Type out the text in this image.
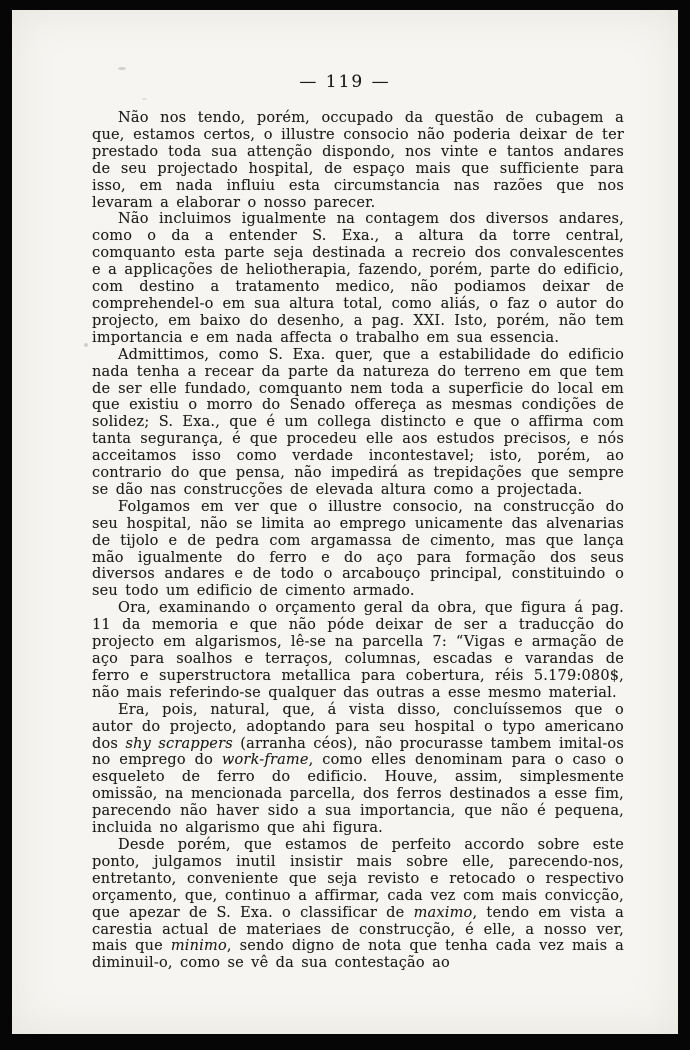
— 119 —

Não nos tendo, porém, occupado da questão de cubagem a que, estamos certos, o illustre consocio não poderia deixar de ter prestado toda sua attenção dispondo, nos vinte e tantos andares de seu projectado hospital, de espaço mais que sufficiente para isso, em nada influiu esta circumstancia nas razões que nos levaram a elaborar o nosso parecer.

Não incluimos igualmente na contagem dos diversos andares, como o da a entender S. Exa., a altura da torre central, comquanto esta parte seja destinada a recreio dos convalescentes e a applicações de heliotherapia, fazendo, porém, parte do edificio, com destino a tratamento medico, não podiamos deixar de comprehendel-o em sua altura total, como aliás, o faz o autor do projecto, em baixo do desenho, a pag. XXI. Isto, porém, não tem importancia e em nada affecta o trabalho em sua essencia.

Admittimos, como S. Exa. quer, que a estabilidade do edificio nada tenha a recear da parte da natureza do terreno em que tem de ser elle fundado, comquanto nem toda a superficie do local em que existiu o morro do Senado offereça as mesmas condições de solidez; S. Exa., que é um collega distincto e que o affirma com tanta segurança, é que procedeu elle aos estudos precisos, e nós acceitamos isso como verdade incontestavel; isto, porém, ao contrario do que pensa, não impedirá as trepidações que sempre se dão nas construcções de elevada altura como a projectada.

Folgamos em ver que o illustre consocio, na construcção do seu hospital, não se limita ao emprego unicamente das alvenarias de tijolo e de pedra com argamassa de cimento, mas que lança mão igualmente do ferro e do aço para formação dos seus diversos andares e de todo o arcabouço principal, constituindo o seu todo um edificio de cimento armado.

Ora, examinando o orçamento geral da obra, que figura á pag. 11 da memoria e que não póde deixar de ser a traducção do projecto em algarismos, lê-se na parcella 7: “Vigas e armação de aço para soalhos e terraços, columnas, escadas e varandas de ferro e superstructora metallica para cobertura, réis 5.179:080$, não mais referindo-se qualquer das outras a esse mesmo material.

Era, pois, natural, que, á vista disso, concluíssemos que o autor do projecto, adoptando para seu hospital o typo americano dos shy scrappers (arranha céos), não procurasse tambem imital-os no emprego do work-frame, como elles denominam para o caso o esqueleto de ferro do edificio. Houve, assim, simplesmente omissão, na mencionada parcella, dos ferros destinados a esse fim, parecendo não haver sido a sua importancia, que não é pequena, incluida no algarismo que ahi figura.

Desde porém, que estamos de perfeito accordo sobre este ponto, julgamos inutil insistir mais sobre elle, parecendo-nos, entretanto, conveniente que seja revisto e retocado o respectivo orçamento, que, continuo a affirmar, cada vez com mais convicção, que apezar de S. Exa. o classificar de maximo, tendo em vista a carestia actual de materiaes de construcção, é elle, a nosso ver, mais que minimo, sendo digno de nota que tenha cada vez mais a diminuil-o, como se vê da sua contestação ao
